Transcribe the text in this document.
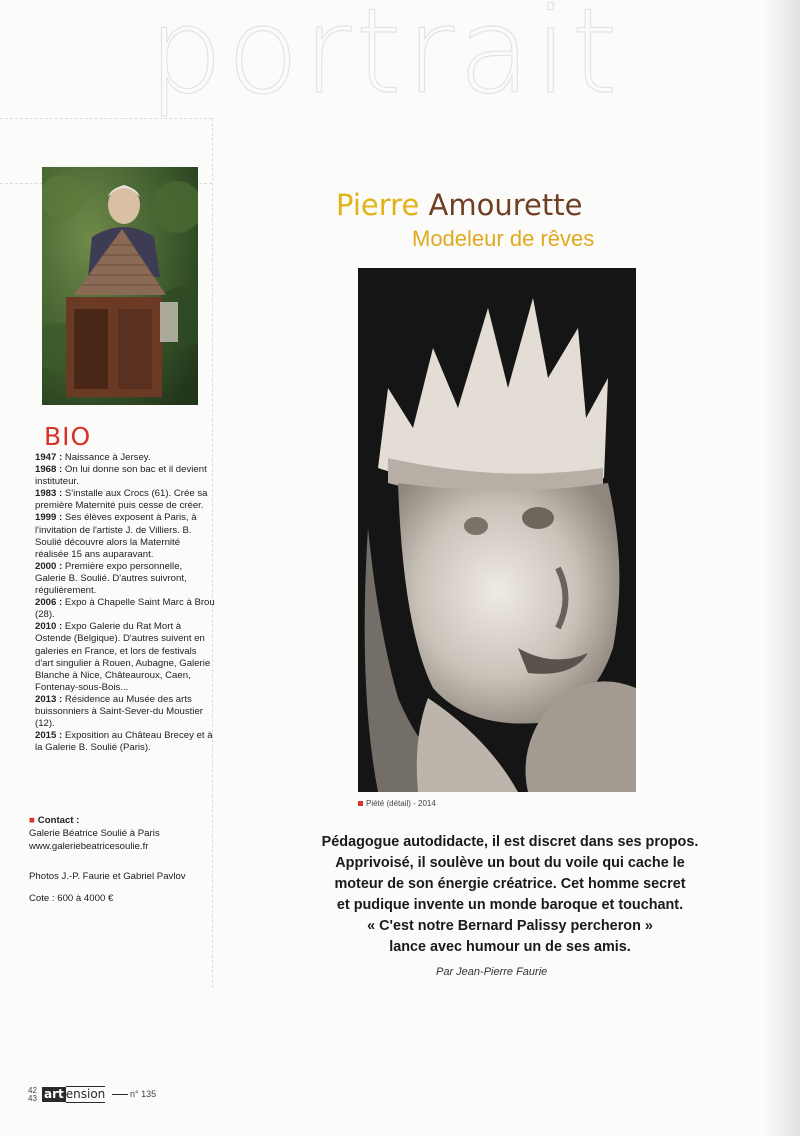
portrait
BIO
1947 : Naissance à Jersey.
1968 : On lui donne son bac et il devient instituteur.
1983 : S'installe aux Crocs (61). Crée sa première Maternité puis cesse de créer.
1999 : Ses élèves exposent à Paris, à l'invitation de l'artiste J. de Villiers. B. Soulié découvre alors la Maternité réalisée 15 ans auparavant.
2000 : Première expo personnelle, Galerie B. Soulié. D'autres suivront, régulièrement.
2006 : Expo à Chapelle Saint Marc à Brou (28).
2010 : Expo Galerie du Rat Mort à Ostende (Belgique). D'autres suivent en galeries en France, et lors de festivals d'art singulier à Rouen, Aubagne, Galerie Blanche à Nice, Châteauroux, Caen, Fontenay-sous-Bois...
2013 : Résidence au Musée des arts buissonniers à Saint-Sever-du Moustier (12).
2015 : Exposition au Château Brecey et à la Galerie B. Soulié (Paris).
■ Contact :
Galerie Béatrice Soulié à Paris
www.galeriebeatricesoulie.fr
Photos J.-P. Faurie et Gabriel Pavlov
Cote : 600 à 4000 €
Pierre Amourette
Modeleur de rêves
Piété (détail) - 2014
Pédagogue autodidacte, il est discret dans ses propos.
Apprivoisé, il soulève un bout du voile qui cache le
moteur de son énergie créatrice. Cet homme secret
et pudique invente un monde baroque et touchant.
« C'est notre Bernard Palissy percheron »
lance avec humour un de ses amis.
Par Jean-Pierre Faurie
42
43 art ension	n° 135
